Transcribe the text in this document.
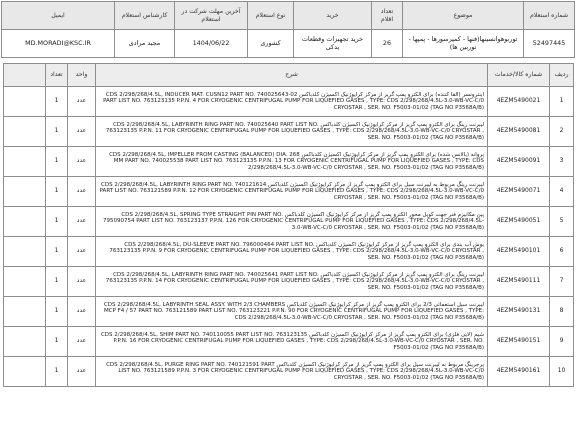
شماره استعلام	موضوع	تعداد اقلام	خرید	نوع استعلام	آخرین مهلت شرکت در استعلام	کارشناس استعلام	ایمیل
52497445	توربوهوانسینها(فنها - کمپرسورها - پمپها - توربین ها)	26	خرید تجهیزات وقطعات یدکی	کشوری	1404/06/22	مجید مرادی	MD.MORADI@KSC.IR
ردیف	شماره کالا/خدمات	شرح	واحد	تعداد	
1	4EZM5490021	اینترونسر (القا کننده) برای الکترو پمپ گریز از مرکز کرایوژنیک اکسیژن کلدباکس CDS 2/298/268/4.5L, INDUCER MAT. CUSN12 PART NO. 740025643-02 PART LIST NO. 763123135 P.P.N. 4 FOR CRYOGENIC CENTRIFUGAL PUMP FOR LIQUEFIED GASES , TYPE: CDS 2/298/268/4.5L-3.0-WB-VC-C/0 CRYOSTAR , SER. NO. F5003-01/02 (TAG NO P3568A/B)	عدد	1	
2	4EZM5490081	لیبرنت رینگ برای الکترو پمپ گریز از مرکز کرایوژنیک اکسیژن کلدباکس CDS 2/298/268/4.5L, LABYRINTH RING PART NO. 740025640 PART LIST NO. 763123135 P.P.N. 11 FOR CRYOGENIC CENTRIFUGAL PUMP FOR LIQUEFIED GASES , TYPE: CDS 2/298/268/4.5L-3.0-WB-VC-C/0 CRYOSTAR , SER. NO. F5003-01/02 (TAG NO P3568A/B)	عدد	1	
3	4EZM5490091	پروانه (بالانس شده) برای الکترو پمپ گریز از مرکز کرایوژنیک اکسیژن کلدباکس CDS 2/298/268/4.5L, IMPELLER FROM CASTING (BALANCED) DIA. 268 MM PART NO. 740025538 PART LIST NO. 763123135 P.P.N. 13 FOR CRYOGENIC CENTRIFUGAL PUMP FOR LIQUEFIED GASES , TYPE: CDS 2/298/268/4.5L-3.0-WB-VC-C/0 CRYOSTAR , SER. NO. F5003-01/02 (TAG NO P3568A/B)	عدد	1	
4	4EZM5490071	لیبرنت رینگ مربوط به لیبرنت سیل برای الکترو پمپ گریز از مرکز کرایوژنیک اکسیژن کلدباکس CDS 2/298/268/4.5L, LABYRINTH RING PART NO. 740121614 PART LIST NO. 763121589 P.P.N. 12 FOR CRYOGENIC CENTRIFUGAL PUMP FOR LIQUEFIED GASES , TYPE: CDS 2/298/268/4.5L-3.0-WB-VC-C/0 CRYOSTAR , SER. NO. F5003-01/02 (TAG NO P3568A/B)	عدد	1	
5	4EZM5490051	پین مکانیزم فنر جهت کوپل محور الکترو پمپ گریز از مرکز کرایوژنیک اکسیژن کلدباکس CDS 2/298/268/4.5L, SPRING TYPE STRAIGHT PIN PART NO. 795090754 PART LIST NO. 763123137 P.P.N. 126 FOR CRYOGENIC CENTRIFUGAL PUMP FOR LIQUEFIED GASES , TYPE: CDS 2/298/268/4.5L-3.0-WB-VC-C/0 CRYOSTAR , SER. NO. F5003-01/02 (TAG NO P3568A/B)	عدد	1	
6	4EZM5490101	بوش آب بندی برای الکترو پمپ گریز از مرکز کرایوژنیک اکسیژن کلدباکس CDS 2/298/268/4.5L, DU-SLEEVE PART NO. 796000464 PART LIST NO. 763123135 P.P.N. 9 FOR CRYOGENIC CENTRIFUGAL PUMP FOR LIQUEFIED GASES , TYPE: CDS 2/298/268/4.5L-3.0-WB-VC-C/0 CRYOSTAR , SER. NO. F5003-01/02 (TAG NO P3568A/B)	عدد	1	
7	4EZM5490111	لیبرنت رینگ برای الکترو پمپ گریز از مرکز کرایوژنیک اکسیژن کلدباکس CDS 2/298/268/4.5L, LABYRINTH RING PART NO. 740025641 PART LIST NO. 763123135 P.P.N. 14 FOR CRYOGENIC CENTRIFUGAL PUMP FOR LIQUEFIED GASES , TYPE: CDS 2/298/268/4.5L-3.0-WB-VC-C/0 CRYOSTAR , SER. NO. F5003-01/02 (TAG NO P3568A/B)	عدد	1	
8	4EZM5490131	لیبرنت سیل استعمائی 2/3 برای الکترو پمپ گریز از مرکز کرایوژنیک اکسیژن کلدباکس CDS 2/298/268/4.5L, LABYRINTH SEAL ASSY. WITH 2/3 CHAMBERS MCP F4 / 57 PART NO. 763121589 PART LIST NO. 763123221 P.P.N. 90 FOR CRYOGENIC CENTRIFUGAL PUMP FOR LIQUEFIED GASES , TYPE: CDS 2/298/268/4.5L-3.0-WB-VC-C/0 CRYOSTAR , SER. NO. F5003-01/02 (TAG NO P3568A/B)	عدد	1	
9	4EZM5490151	شیم (لایی فلزی) برای الکترو پمپ گریز از مرکز کرایوژنیک اکسیژن کلدباکس CDS 2/298/268/4.5L, SHIM PART NO. 740110055 PART LIST NO. 763123135 P.P.N. 16 FOR CRYOGENIC CENTRIFUGAL PUMP FOR LIQUEFIED GASES , TYPE: CDS 2/298/268/4.5L-3.0-WB-VC-C/0 CRYOSTAR , SER. NO. F5003-01/02 (TAG NO P3568A/B)	عدد	1	
10	4EZM5490161	پرجرینگ مربوط به لیبرنت سیل برای الکترو پمپ گریز از مرکز کرایوژنیک اکسیژن کلدباکس CDS 2/298/268/4.5L, PURGE RING PART NO. 740121591 PART LIST NO. 763121589 P.P.N. 3 FOR CRYOGENIC CENTRIFUGAL PUMP FOR LIQUEFIED GASES , TYPE: CDS 2/298/268/4.5L-3.0-WB-VC-C/0 CRYOSTAR , SER. NO. F5003-01/02 (TAG NO P3568A/B)	عدد	1	
